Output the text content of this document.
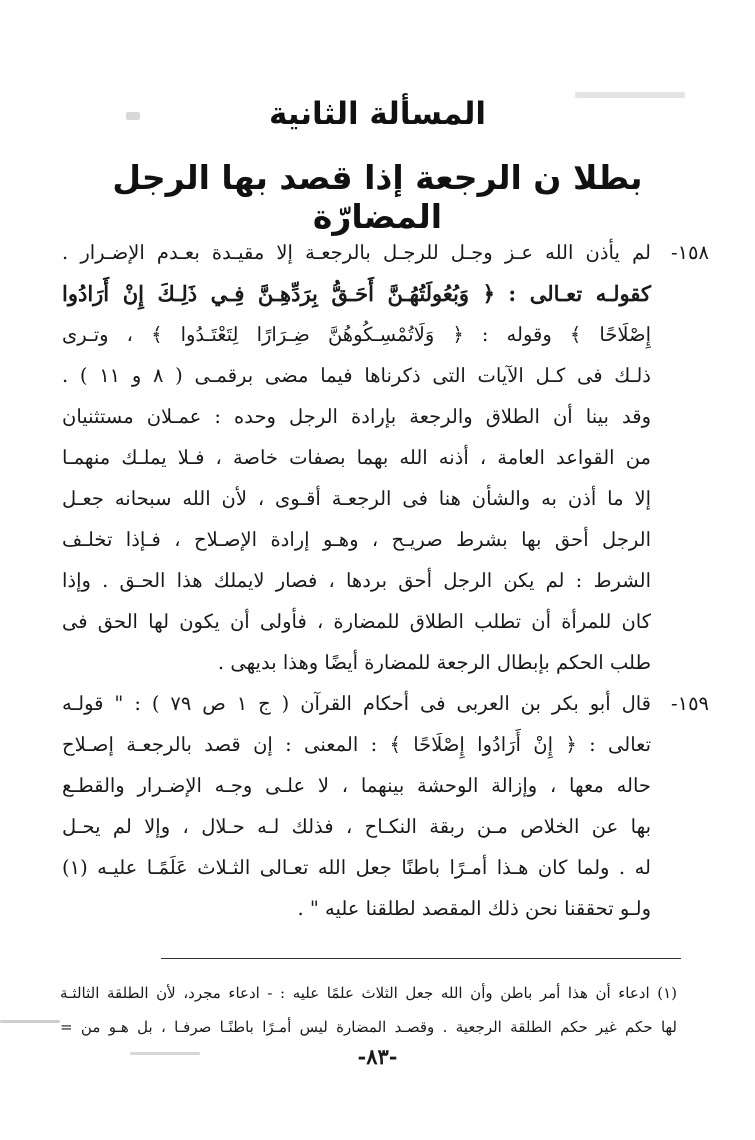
المسألة الثانية
بطلا ن الرجعة إذا قصد بها الرجل المضارّة
١٥٨-لم يأذن الله عـز وجـل للرجـل بالرجعـة إلا مقيـدة بعـدم الإضـرار .
كقولـه تعـالى : ﴿ وَبُعُولَتُهُـنَّ أَحَـقُّ بِرَدِّهِـنَّ فِـي ذَلِـكَ إِنْ أَرَادُوا
إِصْلَاحًا ﴾ وقوله : ﴿ وَلَاتُمْسِـكُوهُنَّ ضِـرَارًا لِتَعْتَـدُوا ﴾ ، وتـرى
ذلـك فى كـل الآيات التى ذكرناها فيما مضى برقمـى ( ٨ و ١١ ) .
وقد بينا أن الطلاق والرجعة بإرادة الرجل وحده : عمـلان مستثنيان
من القواعد العامة ، أذنه الله بهما بصفات خاصة ، فـلا يملـك منهمـا
إلا ما أذن به والشأن هنا فى الرجعـة أقـوى ، لأن الله سبحانه جعـل
الرجل أحق بها بشرط صريـح ، وهـو إرادة الإصـلاح ، فـإذا تخلـف
الشرط : لم يكن الرجل أحق بردها ، فصار لايملك هذا الحـق . وإذا
كان للمرأة أن تطلب الطلاق للمضارة ، فأولى أن يكون لها الحق فى
طلب الحكم بإبطال الرجعة للمضارة أيضًا وهذا بديهى .
١٥٩-قال أبو بكر بن العربى فى أحكام القرآن ( ج ١ ص ٧٩ ) : " قولـه
تعالى : ﴿ إِنْ أَرَادُوا إِصْلَاحًا ﴾ : المعنى : إن قصد بالرجعـة إصـلاح
حاله معها ، وإزالة الوحشة بينهما ، لا علـى وجـه الإضـرار والقطـع
بها عن الخلاص مـن ربقة النكـاح ، فذلك لـه حـلال ، وإلا لم يحـل
له . ولما كان هـذا أمـرًا باطنًا جعل الله تعـالى الثـلاث عَلَمًـا عليـه (١)
ولـو تحققنا نحن ذلك المقصد لطلقنا عليه " .
(١) ادعاء أن هذا أمر باطن وأن الله جعل الثلاث علمًا عليه : - ادعاء مجرد، لأن الطلقة الثالثـة
لها حكم غير حكم الطلقة الرجعية . وقصـد المضارة ليس أمـرًا باطنًـا صرفـا ، بل هـو من =
-٨٣-
